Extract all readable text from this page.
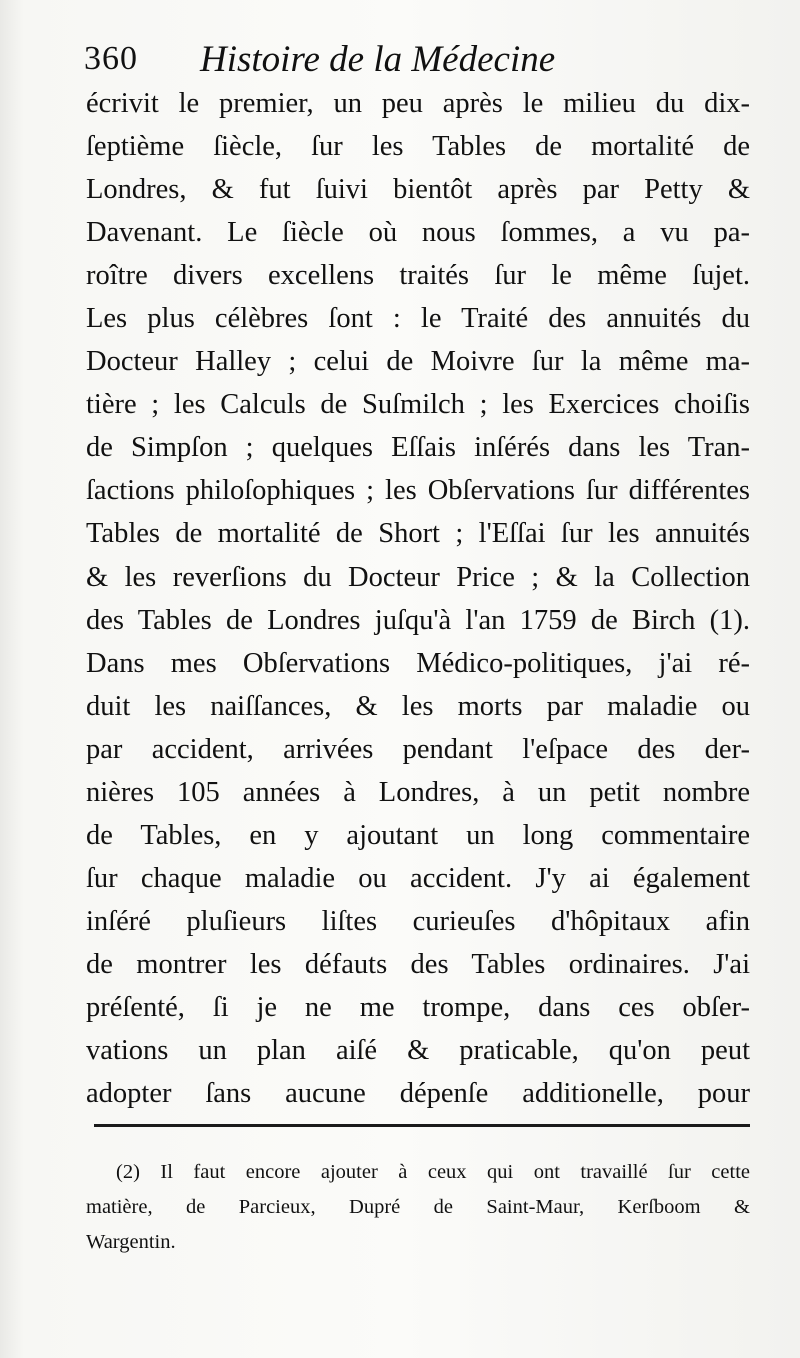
360 Histoire de la Médecine
écrivit le premier, un peu après le milieu du dix-
ſeptième ſiècle, ſur les Tables de mortalité de
Londres, & fut ſuivi bientôt après par Petty &
Davenant. Le ſiècle où nous ſommes, a vu pa-
roître divers excellens traités ſur le même ſujet.
Les plus célèbres ſont : le Traité des annuités du
Docteur Halley ; celui de Moivre ſur la même ma-
tière ; les Calculs de Suſmilch ; les Exercices choiſis
de Simpſon ; quelques Eſſais inſérés dans les Tran-
ſactions philoſophiques ; les Obſervations ſur différentes
Tables de mortalité de Short ; l'Eſſai ſur les annuités
& les reverſions du Docteur Price ; & la Collection
des Tables de Londres juſqu'à l'an 1759 de Birch (1).
Dans mes Obſervations Médico-politiques, j'ai ré-
duit les naiſſances, & les morts par maladie ou
par accident, arrivées pendant l'eſpace des der-
nières 105 années à Londres, à un petit nombre
de Tables, en y ajoutant un long commentaire
ſur chaque maladie ou accident. J'y ai également
inſéré pluſieurs liſtes curieuſes d'hôpitaux afin
de montrer les défauts des Tables ordinaires. J'ai
préſenté, ſi je ne me trompe, dans ces obſer-
vations un plan aiſé & praticable, qu'on peut
adopter ſans aucune dépenſe additionelle, pour
(2) Il faut encore ajouter à ceux qui ont travaillé ſur cette
matière, de Parcieux, Dupré de Saint-Maur, Kerſboom &
Wargentin.
